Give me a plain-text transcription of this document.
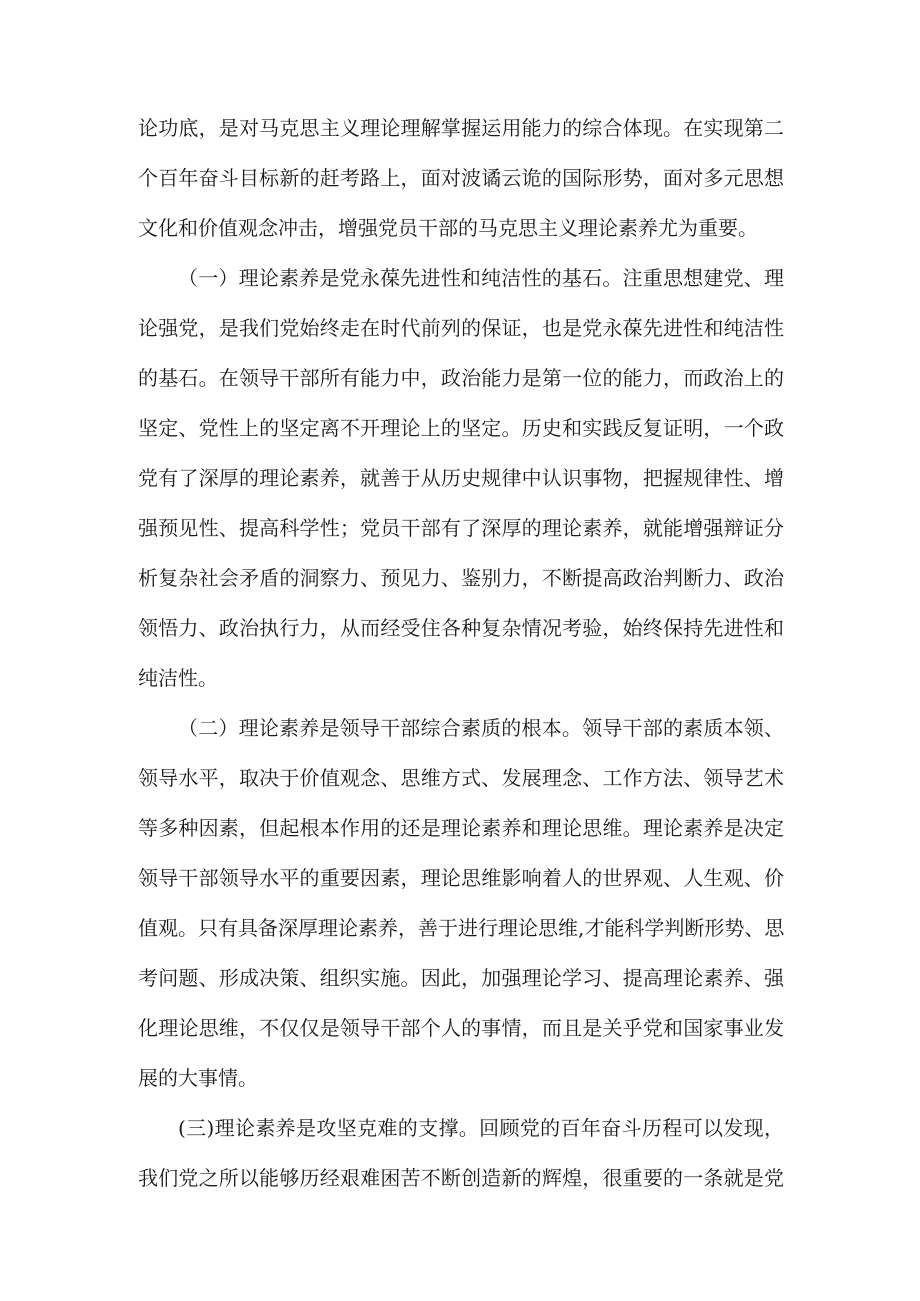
论功底，是对马克思主义理论理解掌握运用能力的综合体现。在实现第二
个百年奋斗目标新的赶考路上，面对波谲云诡的国际形势，面对多元思想
文化和价值观念冲击，增强党员干部的马克思主义理论素养尤为重要。
（一）理论素养是党永葆先进性和纯洁性的基石。注重思想建党、理
论强党，是我们党始终走在时代前列的保证，也是党永葆先进性和纯洁性
的基石。在领导干部所有能力中，政治能力是第一位的能力，而政治上的
坚定、党性上的坚定离不开理论上的坚定。历史和实践反复证明，一个政
党有了深厚的理论素养，就善于从历史规律中认识事物，把握规律性、增
强预见性、提高科学性；党员干部有了深厚的理论素养，就能增强辩证分
析复杂社会矛盾的洞察力、预见力、鉴别力，不断提高政治判断力、政治
领悟力、政治执行力，从而经受住各种复杂情况考验，始终保持先进性和
纯洁性。
（二）理论素养是领导干部综合素质的根本。领导干部的素质本领、
领导水平，取决于价值观念、思维方式、发展理念、工作方法、领导艺术
等多种因素，但起根本作用的还是理论素养和理论思维。理论素养是决定
领导干部领导水平的重要因素，理论思维影响着人的世界观、人生观、价
值观。只有具备深厚理论素养，善于进行理论思维,才能科学判断形势、思
考问题、形成决策、组织实施。因此，加强理论学习、提高理论素养、强
化理论思维，不仅仅是领导干部个人的事情，而且是关乎党和国家事业发
展的大事情。
(三)理论素养是攻坚克难的支撑。回顾党的百年奋斗历程可以发现，
我们党之所以能够历经艰难困苦不断创造新的辉煌，很重要的一条就是党
